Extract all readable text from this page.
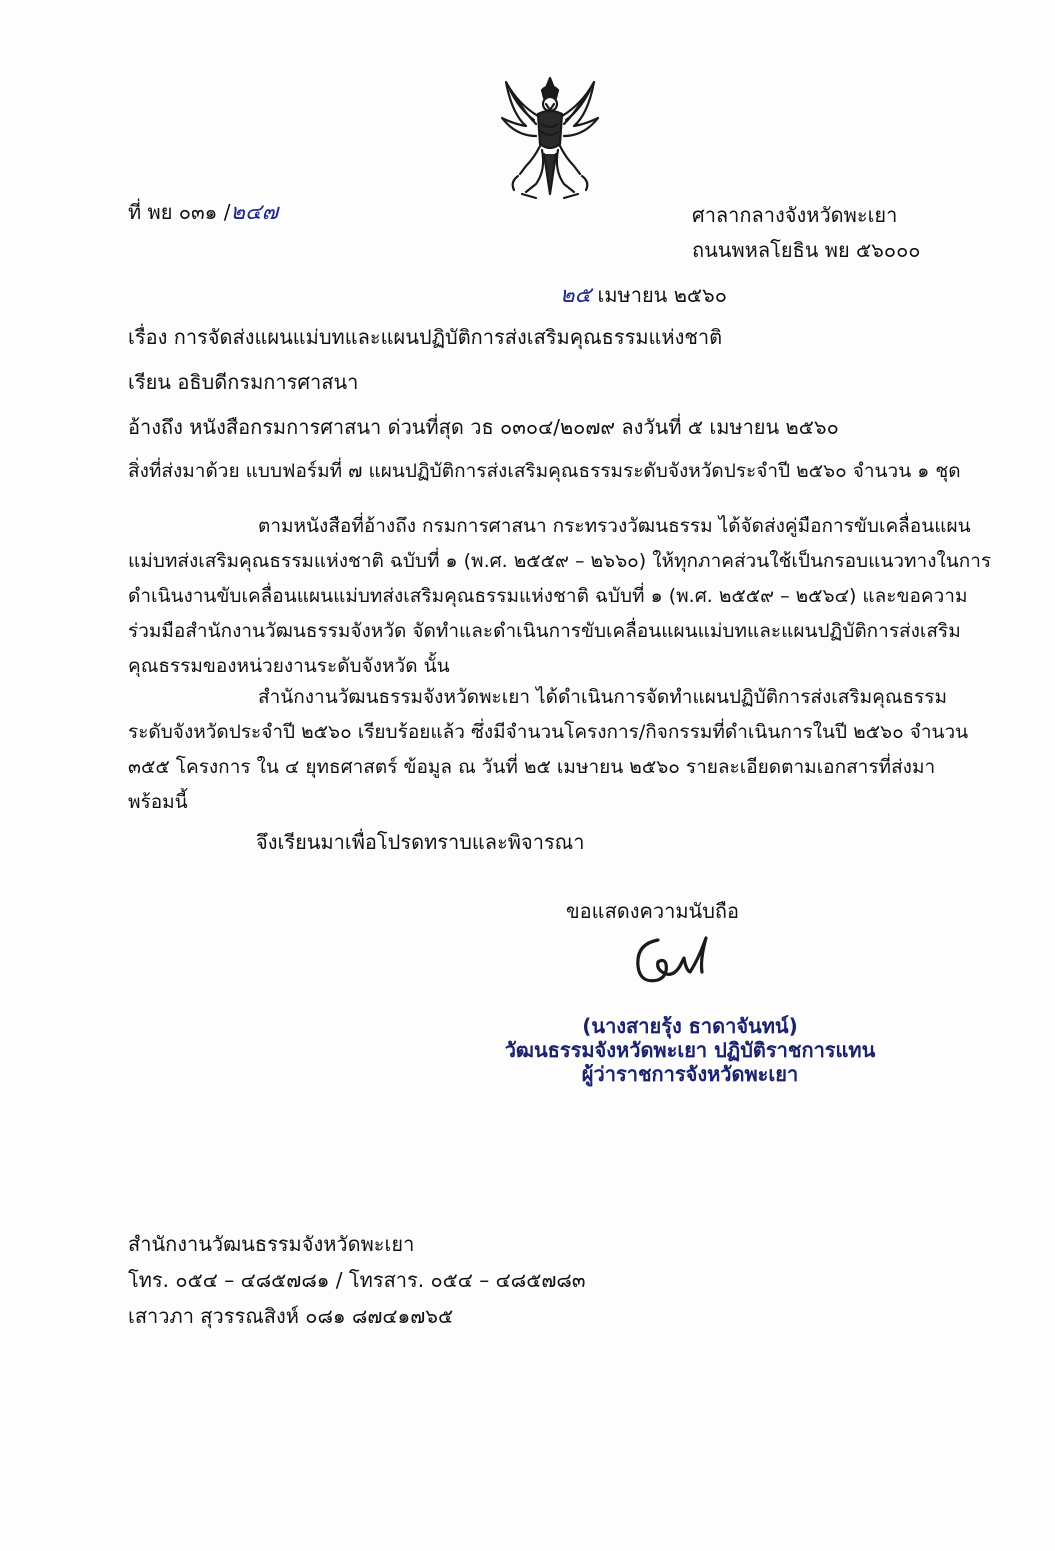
ที่ พย ๐๓๑ /๒๔๗	ศาลากลางจังหวัดพะเยา
ถนนพหลโยธิน พย ๕๖๐๐๐
๒๕ เมษายน ๒๕๖๐
เรื่อง การจัดส่งแผนแม่บทและแผนปฏิบัติการส่งเสริมคุณธรรมแห่งชาติ
เรียน อธิบดีกรมการศาสนา
อ้างถึง หนังสือกรมการศาสนา ด่วนที่สุด วธ ๐๓๐๔/๒๐๗๙ ลงวันที่ ๕ เมษายน ๒๕๖๐
สิ่งที่ส่งมาด้วย แบบฟอร์มที่ ๗ แผนปฏิบัติการส่งเสริมคุณธรรมระดับจังหวัดประจำปี ๒๕๖๐ จำนวน ๑ ชุด
ตามหนังสือที่อ้างถึง กรมการศาสนา กระทรวงวัฒนธรรม ได้จัดส่งคู่มือการขับเคลื่อนแผน
แม่บทส่งเสริมคุณธรรมแห่งชาติ ฉบับที่ ๑ (พ.ศ. ๒๕๕๙ – ๒๖๖๐) ให้ทุกภาคส่วนใช้เป็นกรอบแนวทางในการ
ดำเนินงานขับเคลื่อนแผนแม่บทส่งเสริมคุณธรรมแห่งชาติ ฉบับที่ ๑ (พ.ศ. ๒๕๕๙ – ๒๕๖๔) และขอความ
ร่วมมือสำนักงานวัฒนธรรมจังหวัด จัดทำและดำเนินการขับเคลื่อนแผนแม่บทและแผนปฏิบัติการส่งเสริม
คุณธรรมของหน่วยงานระดับจังหวัด นั้น
สำนักงานวัฒนธรรมจังหวัดพะเยา ได้ดำเนินการจัดทำแผนปฏิบัติการส่งเสริมคุณธรรม
ระดับจังหวัดประจำปี ๒๕๖๐ เรียบร้อยแล้ว ซึ่งมีจำนวนโครงการ/กิจกรรมที่ดำเนินการในปี ๒๕๖๐ จำนวน
๓๕๕ โครงการ ใน ๔ ยุทธศาสตร์ ข้อมูล ณ วันที่ ๒๕ เมษายน ๒๕๖๐ รายละเอียดตามเอกสารที่ส่งมา
พร้อมนี้
จึงเรียนมาเพื่อโปรดทราบและพิจารณา
ขอแสดงความนับถือ
(นางสายรุ้ง ธาดาจันทน์)
วัฒนธรรมจังหวัดพะเยา ปฏิบัติราชการแทน
ผู้ว่าราชการจังหวัดพะเยา
สำนักงานวัฒนธรรมจังหวัดพะเยา
โทร. ๐๕๔ – ๔๘๕๗๘๑ / โทรสาร. ๐๕๔ – ๔๘๕๗๘๓
เสาวภา สุวรรณสิงห์ ๐๘๑ ๘๗๔๑๗๖๕
